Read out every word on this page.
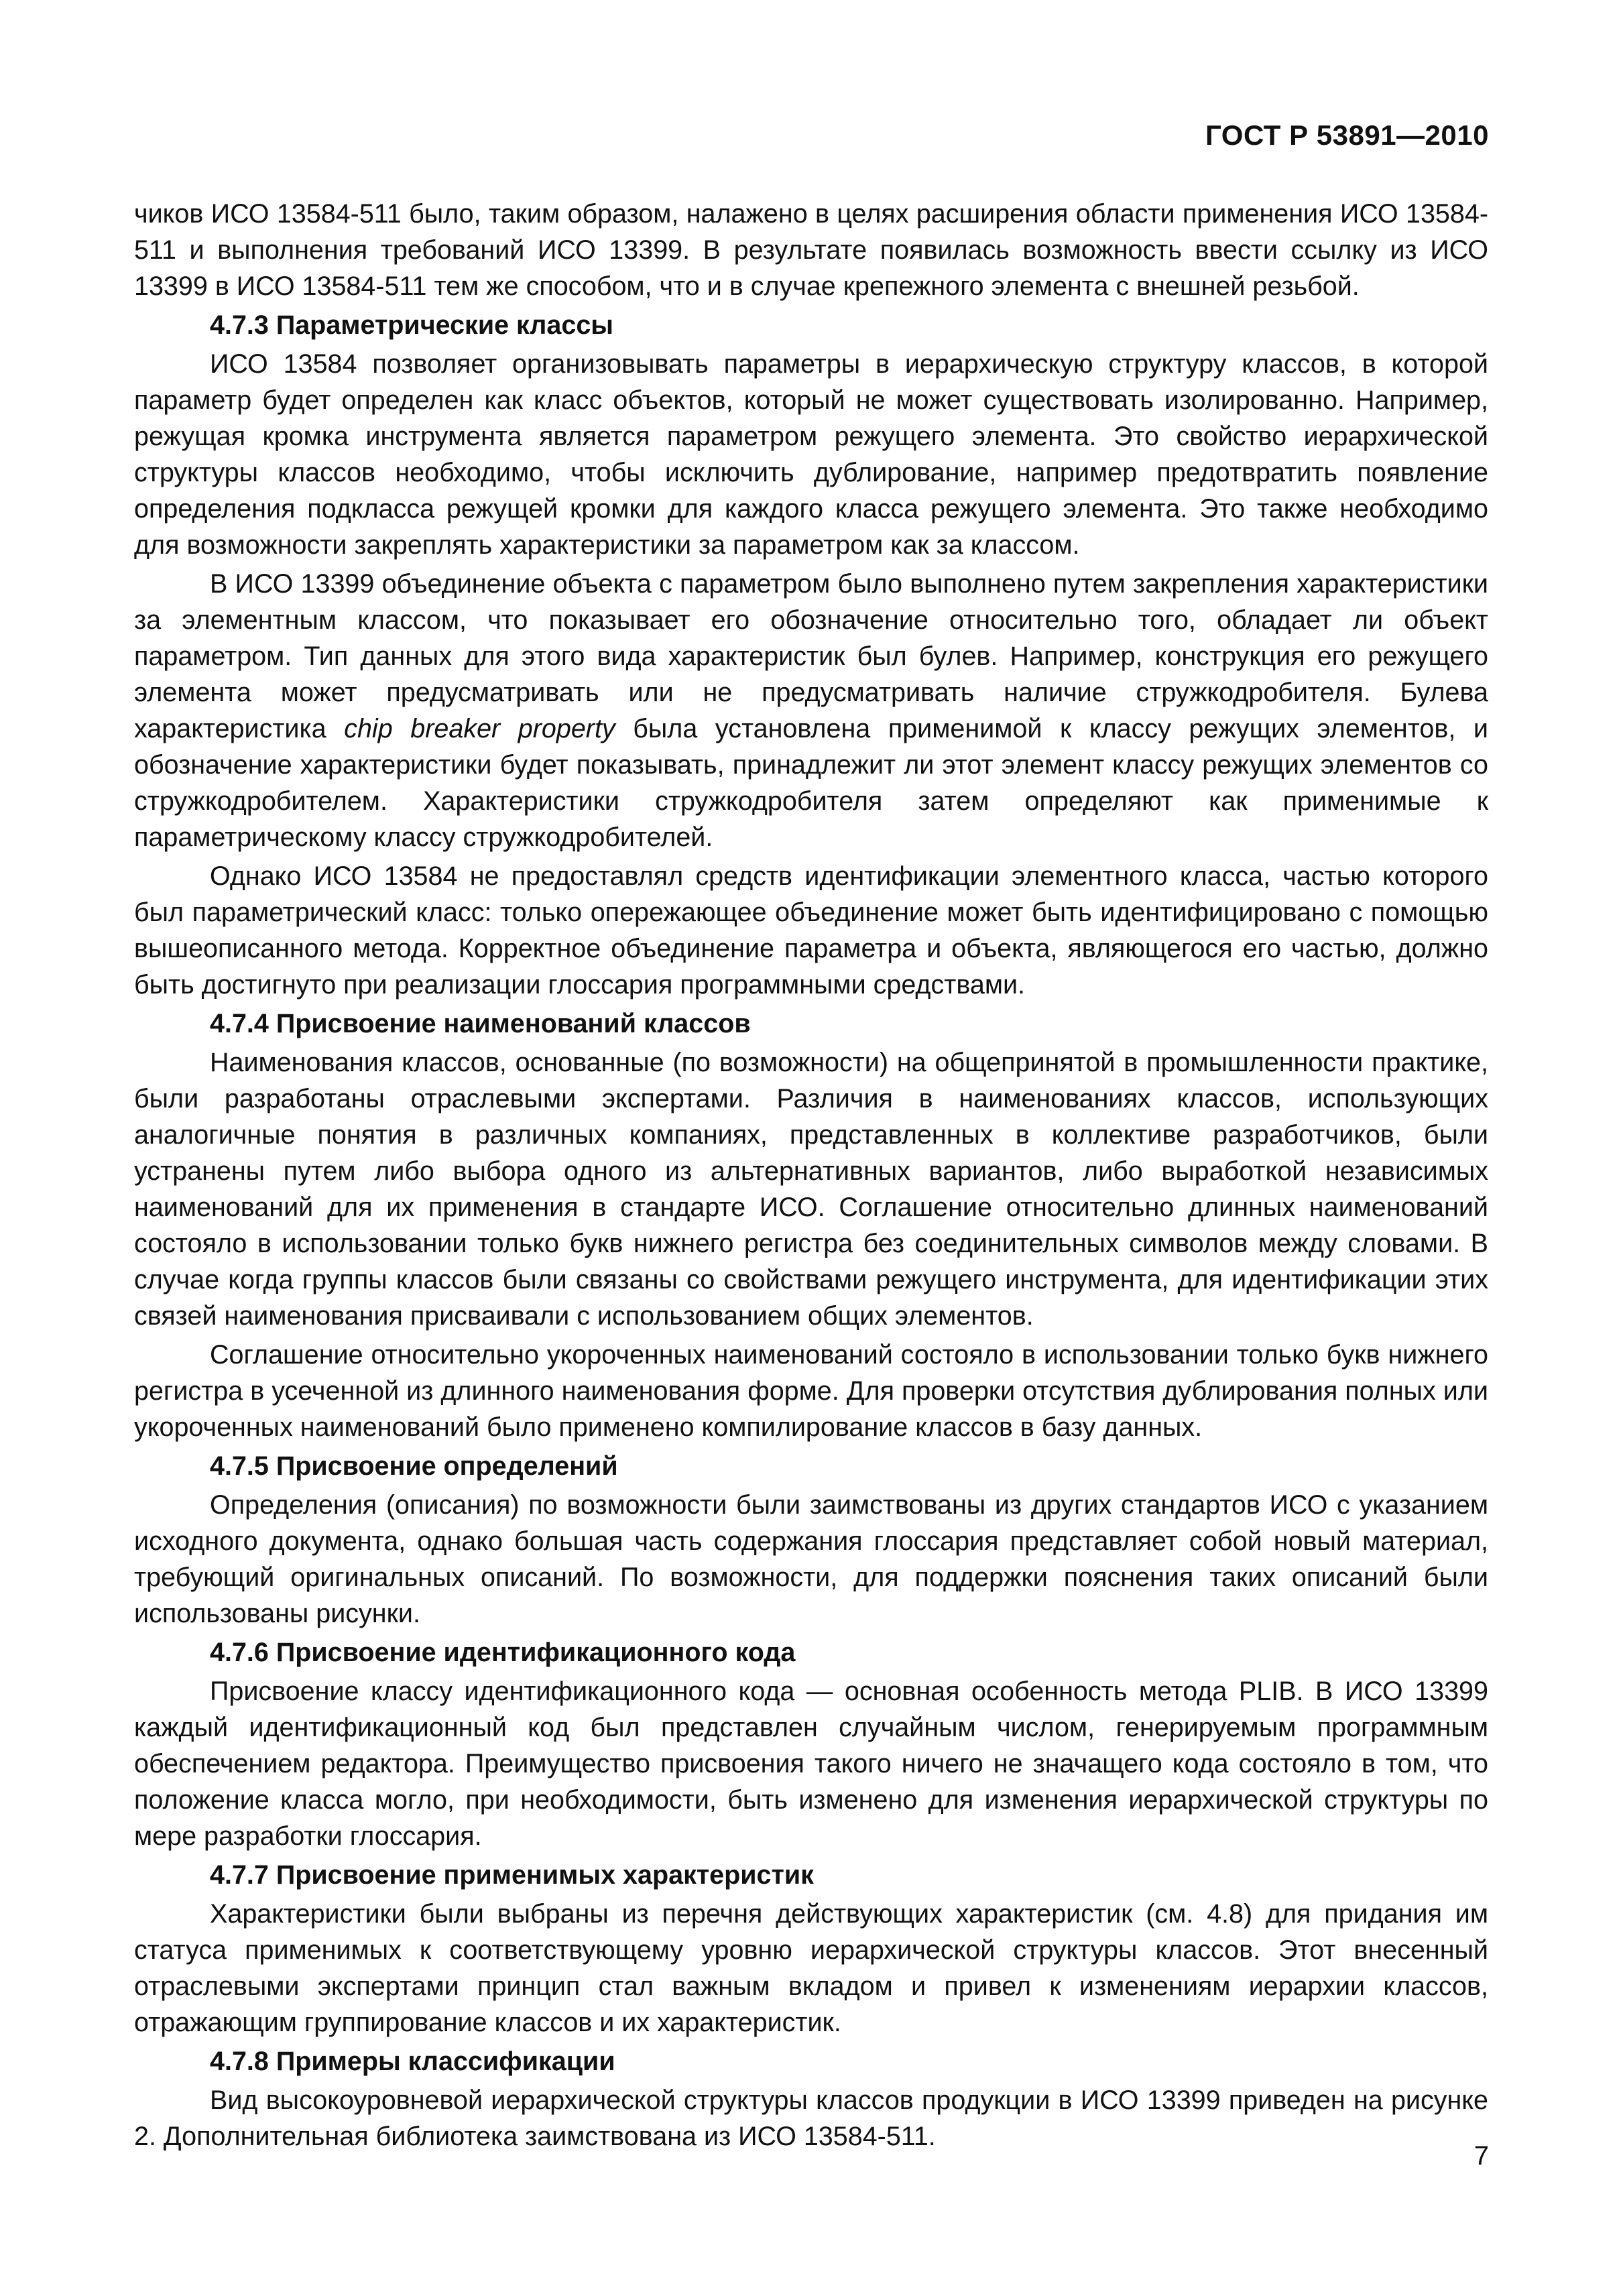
ГОСТ Р 53891—2010

чиков ИСО 13584-511 было, таким образом, налажено в целях расширения области применения ИСО 13584-511 и выполнения требований ИСО 13399. В результате появилась возможность ввести ссылку из ИСО 13399 в ИСО 13584-511 тем же способом, что и в случае крепежного элемента с внешней резьбой.

4.7.3 Параметрические классы

ИСО 13584 позволяет организовывать параметры в иерархическую структуру классов, в которой параметр будет определен как класс объектов, который не может существовать изолированно. Например, режущая кромка инструмента является параметром режущего элемента. Это свойство иерархической структуры классов необходимо, чтобы исключить дублирование, например предотвратить появление определения подкласса режущей кромки для каждого класса режущего элемента. Это также необходимо для возможности закреплять характеристики за параметром как за классом.

В ИСО 13399 объединение объекта с параметром было выполнено путем закрепления характеристики за элементным классом, что показывает его обозначение относительно того, обладает ли объект параметром. Тип данных для этого вида характеристик был булев. Например, конструкция его режущего элемента может предусматривать или не предусматривать наличие стружкодробителя. Булева характеристика chip breaker property была установлена применимой к классу режущих элементов, и обозначение характеристики будет показывать, принадлежит ли этот элемент классу режущих элементов со стружкодробителем. Характеристики стружкодробителя затем определяют как применимые к параметрическому классу стружкодробителей.

Однако ИСО 13584 не предоставлял средств идентификации элементного класса, частью которого был параметрический класс: только опережающее объединение может быть идентифицировано с помощью вышеописанного метода. Корректное объединение параметра и объекта, являющегося его частью, должно быть достигнуто при реализации глоссария программными средствами.

4.7.4 Присвоение наименований классов

Наименования классов, основанные (по возможности) на общепринятой в промышленности практике, были разработаны отраслевыми экспертами. Различия в наименованиях классов, использующих аналогичные понятия в различных компаниях, представленных в коллективе разработчиков, были устранены путем либо выбора одного из альтернативных вариантов, либо выработкой независимых наименований для их применения в стандарте ИСО. Соглашение относительно длинных наименований состояло в использовании только букв нижнего регистра без соединительных символов между словами. В случае когда группы классов были связаны со свойствами режущего инструмента, для идентификации этих связей наименования присваивали с использованием общих элементов.

Соглашение относительно укороченных наименований состояло в использовании только букв нижнего регистра в усеченной из длинного наименования форме. Для проверки отсутствия дублирования полных или укороченных наименований было применено компилирование классов в базу данных.

4.7.5 Присвоение определений

Определения (описания) по возможности были заимствованы из других стандартов ИСО с указанием исходного документа, однако большая часть содержания глоссария представляет собой новый материал, требующий оригинальных описаний. По возможности, для поддержки пояснения таких описаний были использованы рисунки.

4.7.6 Присвоение идентификационного кода

Присвоение классу идентификационного кода — основная особенность метода PLIB. В ИСО 13399 каждый идентификационный код был представлен случайным числом, генерируемым программным обеспечением редактора. Преимущество присвоения такого ничего не значащего кода состояло в том, что положение класса могло, при необходимости, быть изменено для изменения иерархической структуры по мере разработки глоссария.

4.7.7 Присвоение применимых характеристик

Характеристики были выбраны из перечня действующих характеристик (см. 4.8) для придания им статуса применимых к соответствующему уровню иерархической структуры классов. Этот внесенный отраслевыми экспертами принцип стал важным вкладом и привел к изменениям иерархии классов, отражающим группирование классов и их характеристик.

4.7.8 Примеры классификации

Вид высокоуровневой иерархической структуры классов продукции в ИСО 13399 приведен на рисунке 2. Дополнительная библиотека заимствована из ИСО 13584-511.

7
